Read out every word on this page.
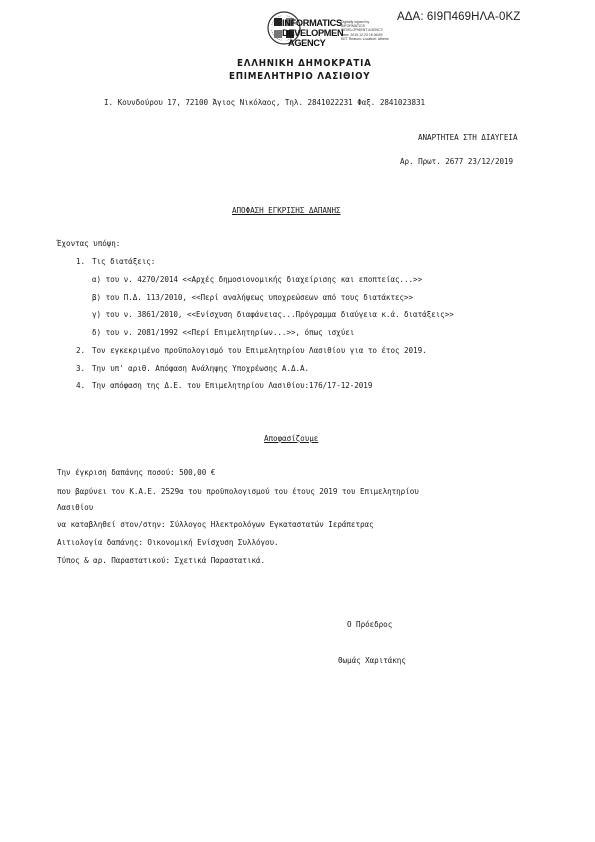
ΑΔΑ: 6Ι9Π469ΗΛΑ-0ΚΖ
INFORMATICS
DEVELOPMEN
AGENCY
Digitally signed by INFORMATICS DEVELOPMENT AGENCY Date: 2019.12.23 15:36:59 EET Reason: Location: Athens
ΕΛΛΗΝΙΚΗ ΔΗΜΟΚΡΑΤΙΑ
ΕΠΙΜΕΛΗΤΗΡΙΟ ΛΑΣΙΘΙΟΥ
Ι. Κουνδούρου 17, 72100 Άγιος Νικόλαος, Τηλ. 2841022231 Φαξ. 2841023831
ΑΝΑΡΤΗΤΕΑ ΣΤΗ ΔΙΑΥΓΕΙΑ
Αρ. Πρωτ. 2677 23/12/2019
ΑΠΟΦΑΣΗ ΕΓΚΡΙΣΗΣ ΔΑΠΑΝΗΣ
Έχοντας υπόψη:
1. Τις διατάξεις:
α) του ν. 4270/2014 <<Αρχές δημοσιονομικής διαχείρισης και εποπτείας...>>
β) του Π.Δ. 113/2010, <<Περί αναλήψεως υποχρεώσεων από τους διατάκτες>>
γ) του ν. 3861/2010, <<Ενίσχυση διαφάνειας...Πρόγραμμα διαύγεια κ.ά. διατάξεις>>
δ) του ν. 2081/1992 <<Περί Επιμελητηρίων...>>, όπως ισχύει
2. Τον εγκεκριμένο προϋπολογισμό του Επιμελητηρίου Λασιθίου για το έτος 2019.
3. Την υπ' αριθ. Απόφαση Ανάληψης Υποχρέωσης Α.Δ.Α.
4. Την απόφαση της Δ.Ε. του Επιμελητηρίου Λασιθίου:176/17-12-2019
Αποφασίζουμε
Την έγκριση δαπάνης ποσού: 500,00 €
που βαρύνει τον Κ.Α.Ε. 2529α του προϋπολογισμού του έτους 2019 του Επιμελητηρίου
Λασιθίου
να καταβληθεί στον/στην: Σύλλογος Ηλεκτρολόγων Εγκαταστατών Ιεράπετρας
Αιτιολογία δαπάνης: Οικονομική Ενίσχυση Συλλόγου.
Τύπος & αρ. Παραστατικού: Σχετικά Παραστατικά.
Ο Πρόεδρος
Θωμάς Χαριτάκης
